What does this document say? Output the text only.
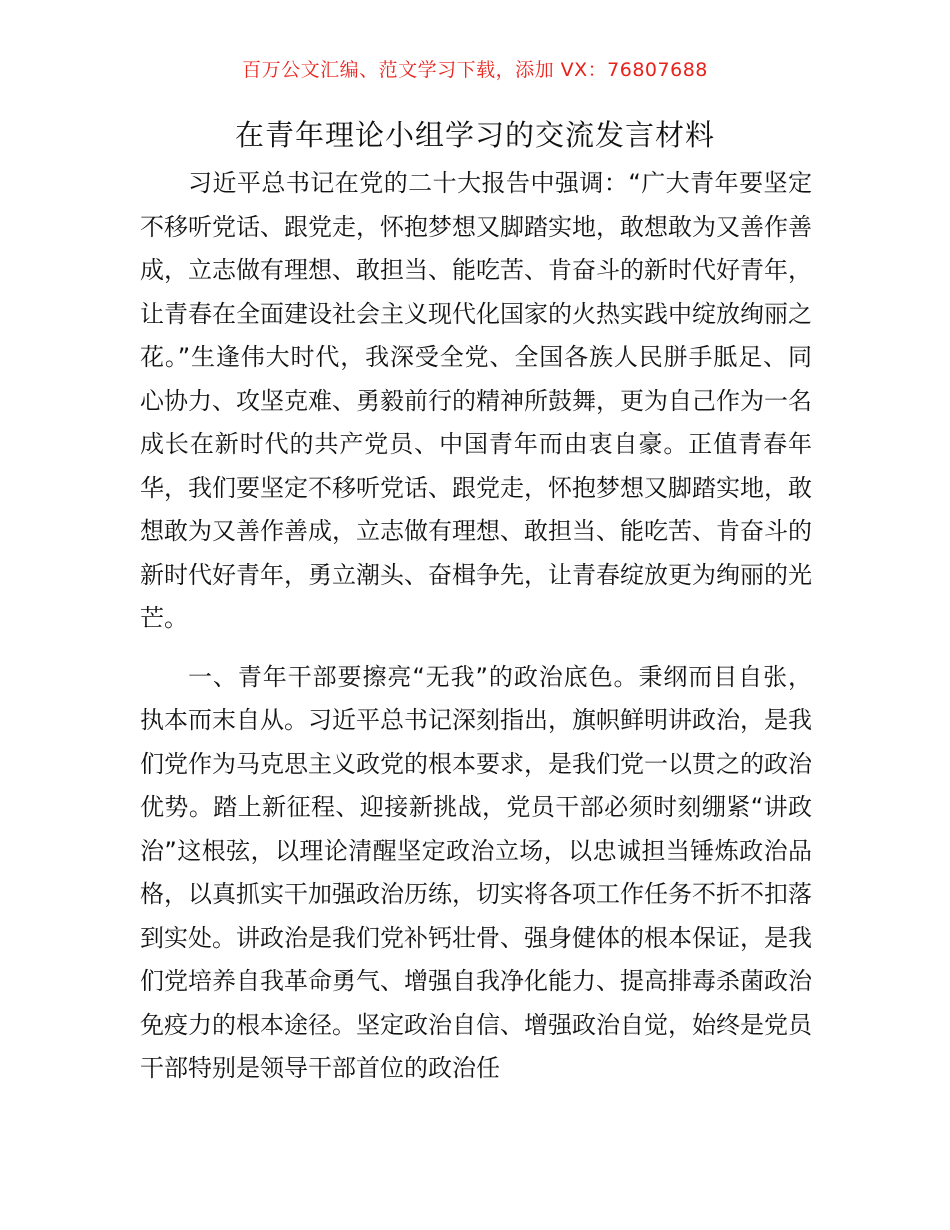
百万公文汇编、范文学习下载，添加 VX：76807688
在青年理论小组学习的交流发言材料

习近平总书记在党的二十大报告中强调：“广大青年要坚定不移听党话、跟党走，怀抱梦想又脚踏实地，敢想敢为又善作善成，立志做有理想、敢担当、能吃苦、肯奋斗的新时代好青年，让青春在全面建设社会主义现代化国家的火热实践中绽放绚丽之花。”生逢伟大时代，我深受全党、全国各族人民胼手胝足、同心协力、攻坚克难、勇毅前行的精神所鼓舞，更为自己作为一名成长在新时代的共产党员、中国青年而由衷自豪。正值青春年华，我们要坚定不移听党话、跟党走，怀抱梦想又脚踏实地，敢想敢为又善作善成，立志做有理想、敢担当、能吃苦、肯奋斗的新时代好青年，勇立潮头、奋楫争先，让青春绽放更为绚丽的光芒。

一、青年干部要擦亮“无我”的政治底色。秉纲而目自张，执本而末自从。习近平总书记深刻指出，旗帜鲜明讲政治，是我们党作为马克思主义政党的根本要求，是我们党一以贯之的政治优势。踏上新征程、迎接新挑战，党员干部必须时刻绷紧“讲政治”这根弦，以理论清醒坚定政治立场，以忠诚担当锤炼政治品格，以真抓实干加强政治历练，切实将各项工作任务不折不扣落到实处。讲政治是我们党补钙壮骨、强身健体的根本保证，是我们党培养自我革命勇气、增强自我净化能力、提高排毒杀菌政治免疫力的根本途径。坚定政治自信、增强政治自觉，始终是党员干部特别是领导干部首位的政治任
